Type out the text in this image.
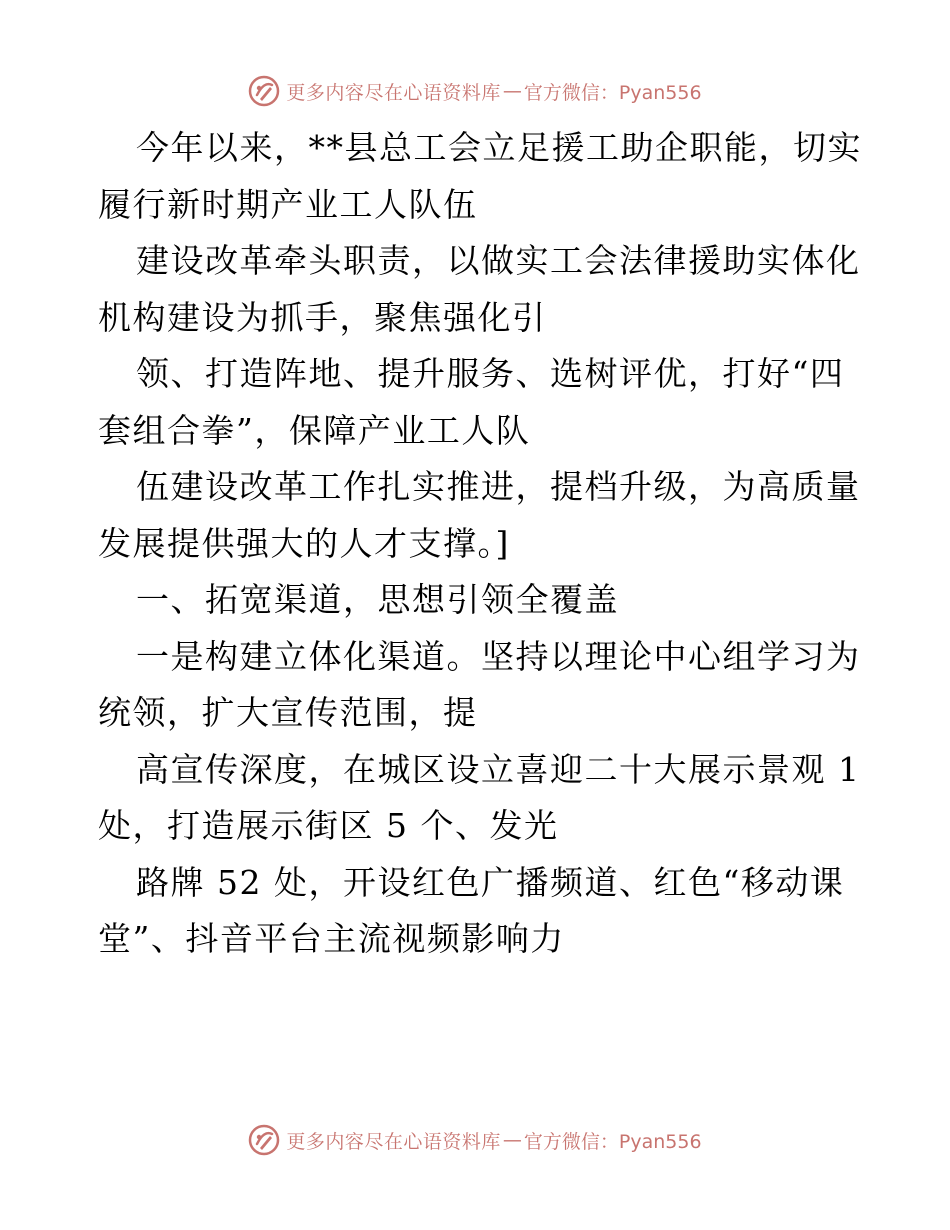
更多内容尽在心语资料库 — 官方微信：Pyan556

今年以来，**县总工会立足援工助企职能，切实
履行新时期产业工人队伍

建设改革牵头职责，以做实工会法律援助实体化
机构建设为抓手，聚焦强化引

领、打造阵地、提升服务、选树评优，打好“四
套组合拳”，保障产业工人队

伍建设改革工作扎实推进，提档升级，为高质量
发展提供强大的人才支撑。]

一、拓宽渠道，思想引领全覆盖

一是构建立体化渠道。坚持以理论中心组学习为
统领，扩大宣传范围，提

高宣传深度，在城区设立喜迎二十大展示景观 1
处，打造展示街区 5 个、发光

路牌 52 处，开设红色广播频道、红色“移动课
堂”、抖音平台主流视频影响力

更多内容尽在心语资料库 — 官方微信：Pyan556
